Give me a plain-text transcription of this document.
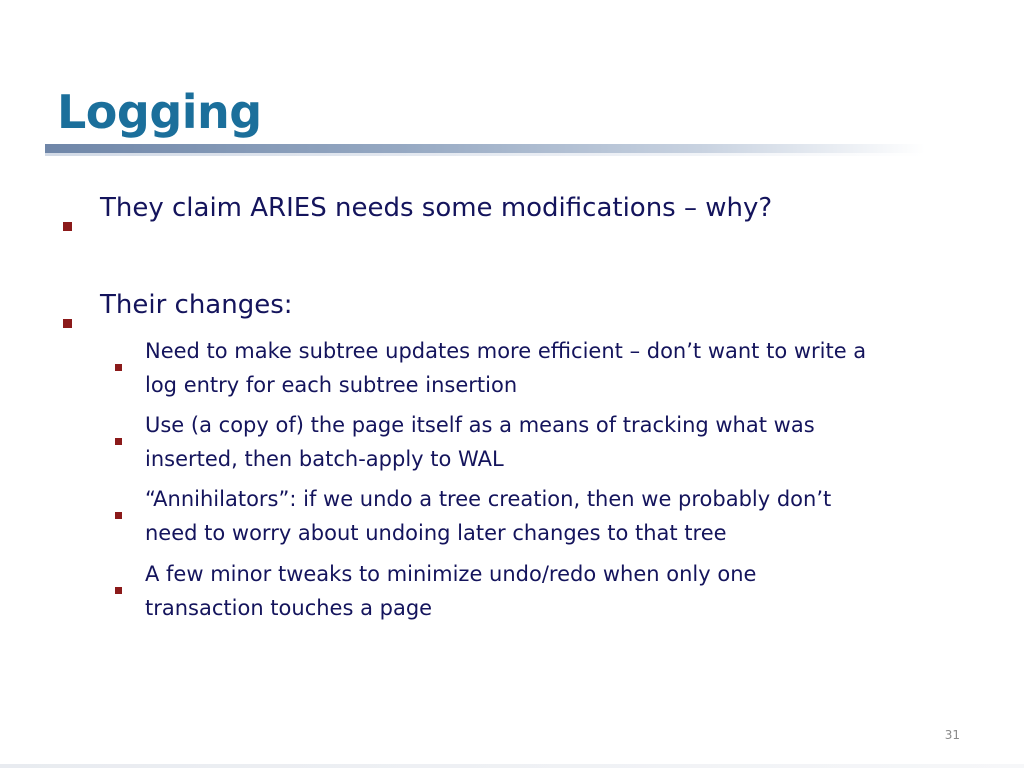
Logging
They claim ARIES needs some modifications – why?
Their changes:
Need to make subtree updates more efficient – don’t want to write a
log entry for each subtree insertion
Use (a copy of) the page itself as a means of tracking what was
inserted, then batch-apply to WAL
“Annihilators”: if we undo a tree creation, then we probably don’t
need to worry about undoing later changes to that tree
A few minor tweaks to minimize undo/redo when only one
transaction touches a page
31
